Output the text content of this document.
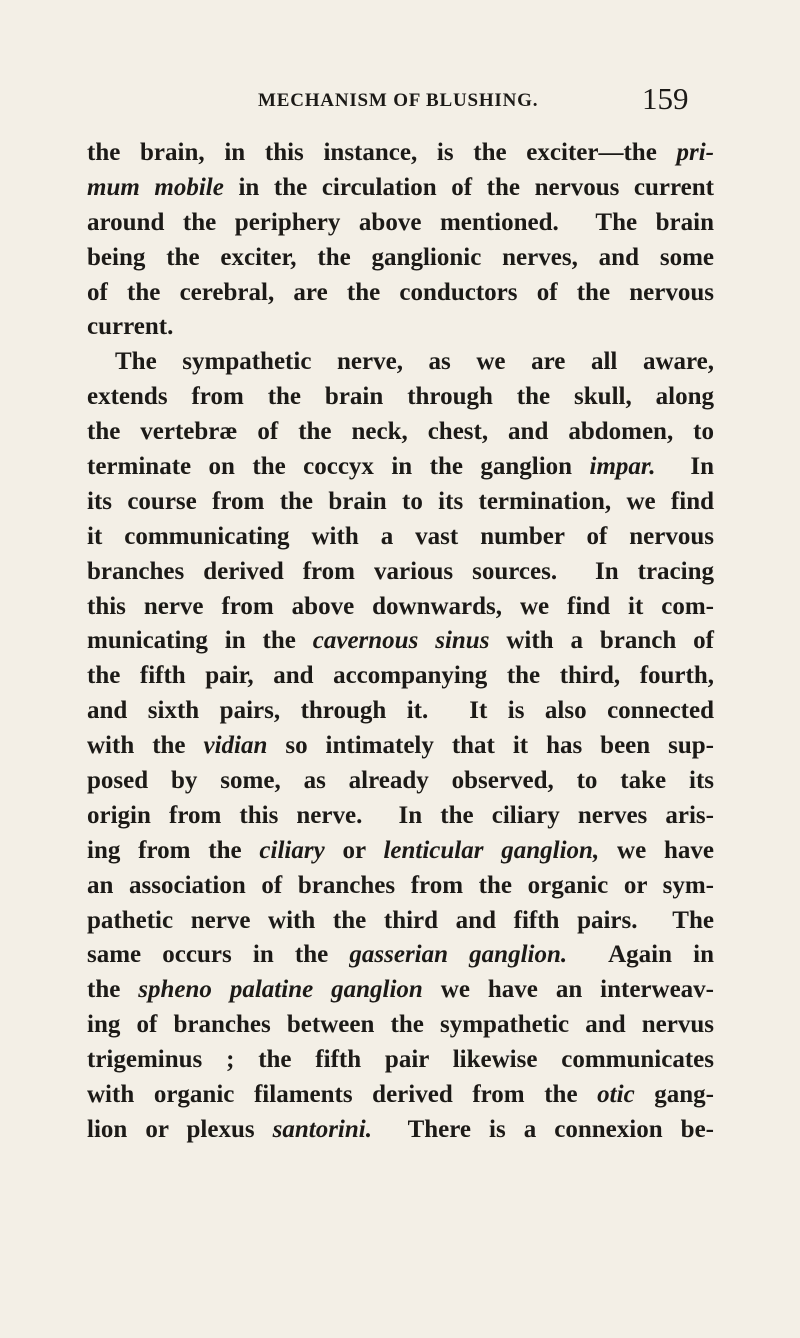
MECHANISM OF BLUSHING.	159
the brain, in this instance, is the exciter—the pri-
mum mobile in the circulation of the nervous current
around the periphery above mentioned.  The brain
being the exciter, the ganglionic nerves, and some
of the cerebral, are the conductors of the nervous
current.
The sympathetic nerve, as we are all aware,
extends from the brain through the skull, along
the vertebræ of the neck, chest, and abdomen, to
terminate on the coccyx in the ganglion impar.  In
its course from the brain to its termination, we find
it communicating with a vast number of nervous
branches derived from various sources.  In tracing
this nerve from above downwards, we find it com-
municating in the cavernous sinus with a branch of
the fifth pair, and accompanying the third, fourth,
and sixth pairs, through it.  It is also connected
with the vidian so intimately that it has been sup-
posed by some, as already observed, to take its
origin from this nerve.  In the ciliary nerves aris-
ing from the ciliary or lenticular ganglion, we have
an association of branches from the organic or sym-
pathetic nerve with the third and fifth pairs.  The
same occurs in the gasserian ganglion.  Again in
the spheno palatine ganglion we have an interweav-
ing of branches between the sympathetic and nervus
trigeminus ; the fifth pair likewise communicates
with organic filaments derived from the otic gang-
lion or plexus santorini.  There is a connexion be-
